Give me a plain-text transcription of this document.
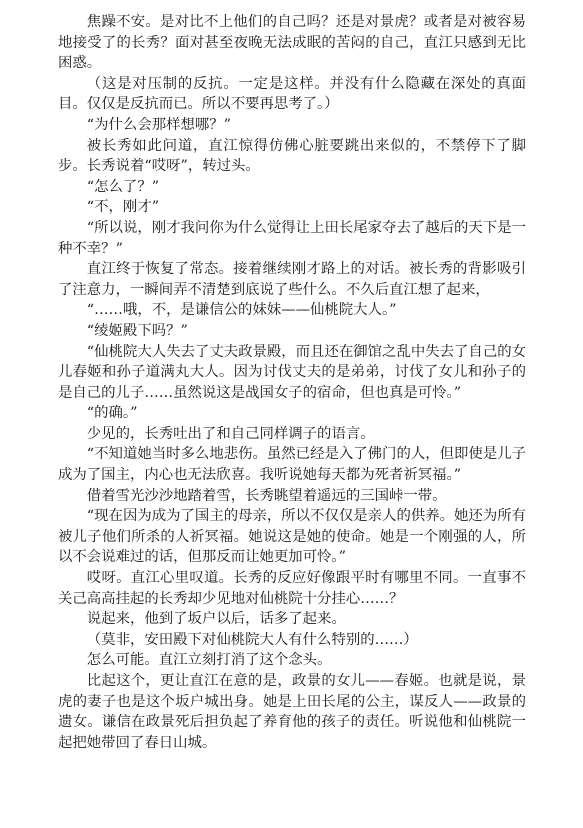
焦躁不安。是对比不上他们的自己吗？还是对景虎？或者是对被容易地接受了的长秀？面对甚至夜晚无法成眠的苦闷的自己，直江只感到无比困惑。

（这是对压制的反抗。一定是这样。并没有什么隐藏在深处的真面目。仅仅是反抗而已。所以不要再思考了。）

“为什么会那样想哪？”

被长秀如此问道，直江惊得仿佛心脏要跳出来似的，不禁停下了脚步。长秀说着“哎呀”，转过头。

“怎么了？”

“不，刚才”

“所以说，刚才我问你为什么觉得让上田长尾家夺去了越后的天下是一种不幸？”

直江终于恢复了常态。接着继续刚才路上的对话。被长秀的背影吸引了注意力，一瞬间弄不清楚到底说了些什么。不久后直江想了起来，

“……哦，不，是谦信公的妹妹——仙桃院大人。”

“绫姬殿下吗？”

“仙桃院大人失去了丈夫政景殿，而且还在御馆之乱中失去了自己的女儿春姬和孙子道满丸大人。因为讨伐丈夫的是弟弟，讨伐了女儿和孙子的是自己的儿子……虽然说这是战国女子的宿命，但也真是可怜。”

“的确。”

少见的，长秀吐出了和自己同样调子的语言。

“不知道她当时多么地悲伤。虽然已经是入了佛门的人，但即使是儿子成为了国主，内心也无法欣喜。我听说她每天都为死者祈冥福。”

借着雪光沙沙地踏着雪，长秀眺望着遥远的三国峠一带。

“现在因为成为了国主的母亲，所以不仅仅是亲人的供养。她还为所有被儿子他们所杀的人祈冥福。她说这是她的使命。她是一个刚强的人，所以不会说难过的话，但那反而让她更加可怜。”

哎呀。直江心里叹道。长秀的反应好像跟平时有哪里不同。一直事不关己高高挂起的长秀却少见地对仙桃院十分挂心……？

说起来，他到了坂户以后，话多了起来。

（莫非，安田殿下对仙桃院大人有什么特别的……）

怎么可能。直江立刻打消了这个念头。

比起这个，更让直江在意的是，政景的女儿——春姬。也就是说，景虎的妻子也是这个坂户城出身。她是上田长尾的公主，谋反人——政景的遗女。谦信在政景死后担负起了养育他的孩子的责任。听说他和仙桃院一起把她带回了春日山城。
